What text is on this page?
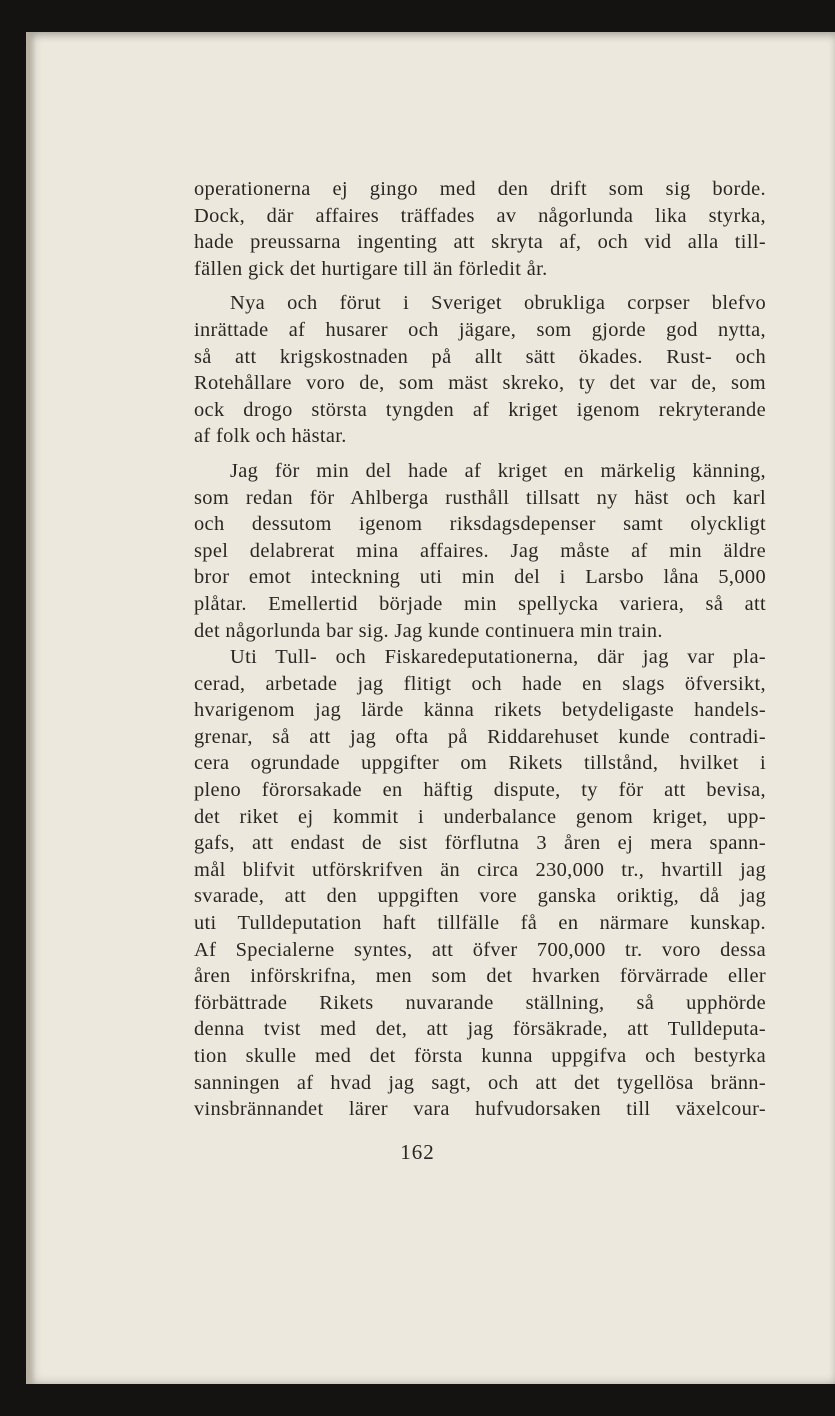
operationerna ej gingo med den drift som sig borde.
Dock, där affaires träffades av någorlunda lika styrka,
hade preussarna ingenting att skryta af, och vid alla till-
fällen gick det hurtigare till än förledit år.
Nya och förut i Sveriget obrukliga corpser blefvo
inrättade af husarer och jägare, som gjorde god nytta,
så att krigskostnaden på allt sätt ökades. Rust- och
Rotehållare voro de, som mäst skreko, ty det var de, som
ock drogo största tyngden af kriget igenom rekryterande
af folk och hästar.
Jag för min del hade af kriget en märkelig känning,
som redan för Ahlberga rusthåll tillsatt ny häst och karl
och dessutom igenom riksdagsdepenser samt olyckligt
spel delabrerat mina affaires. Jag måste af min äldre
bror emot inteckning uti min del i Larsbo låna 5,000
plåtar. Emellertid började min spellycka variera, så att
det någorlunda bar sig. Jag kunde continuera min train.
Uti Tull- och Fiskaredeputationerna, där jag var pla-
cerad, arbetade jag flitigt och hade en slags öfversikt,
hvarigenom jag lärde känna rikets betydeligaste handels-
grenar, så att jag ofta på Riddarehuset kunde contradi-
cera ogrundade uppgifter om Rikets tillstånd, hvilket i
pleno förorsakade en häftig dispute, ty för att bevisa,
det riket ej kommit i underbalance genom kriget, upp-
gafs, att endast de sist förflutna 3 åren ej mera spann-
mål blifvit utförskrifven än circa 230,000 tr., hvartill jag
svarade, att den uppgiften vore ganska oriktig, då jag
uti Tulldeputation haft tillfälle få en närmare kunskap.
Af Specialerne syntes, att öfver 700,000 tr. voro dessa
åren införskrifna, men som det hvarken förvärrade eller
förbättrade Rikets nuvarande ställning, så upphörde
denna tvist med det, att jag försäkrade, att Tulldeputa-
tion skulle med det första kunna uppgifva och bestyrka
sanningen af hvad jag sagt, och att det tygellösa bränn-
vinsbrännandet lärer vara hufvudorsaken till växelcour-
162
